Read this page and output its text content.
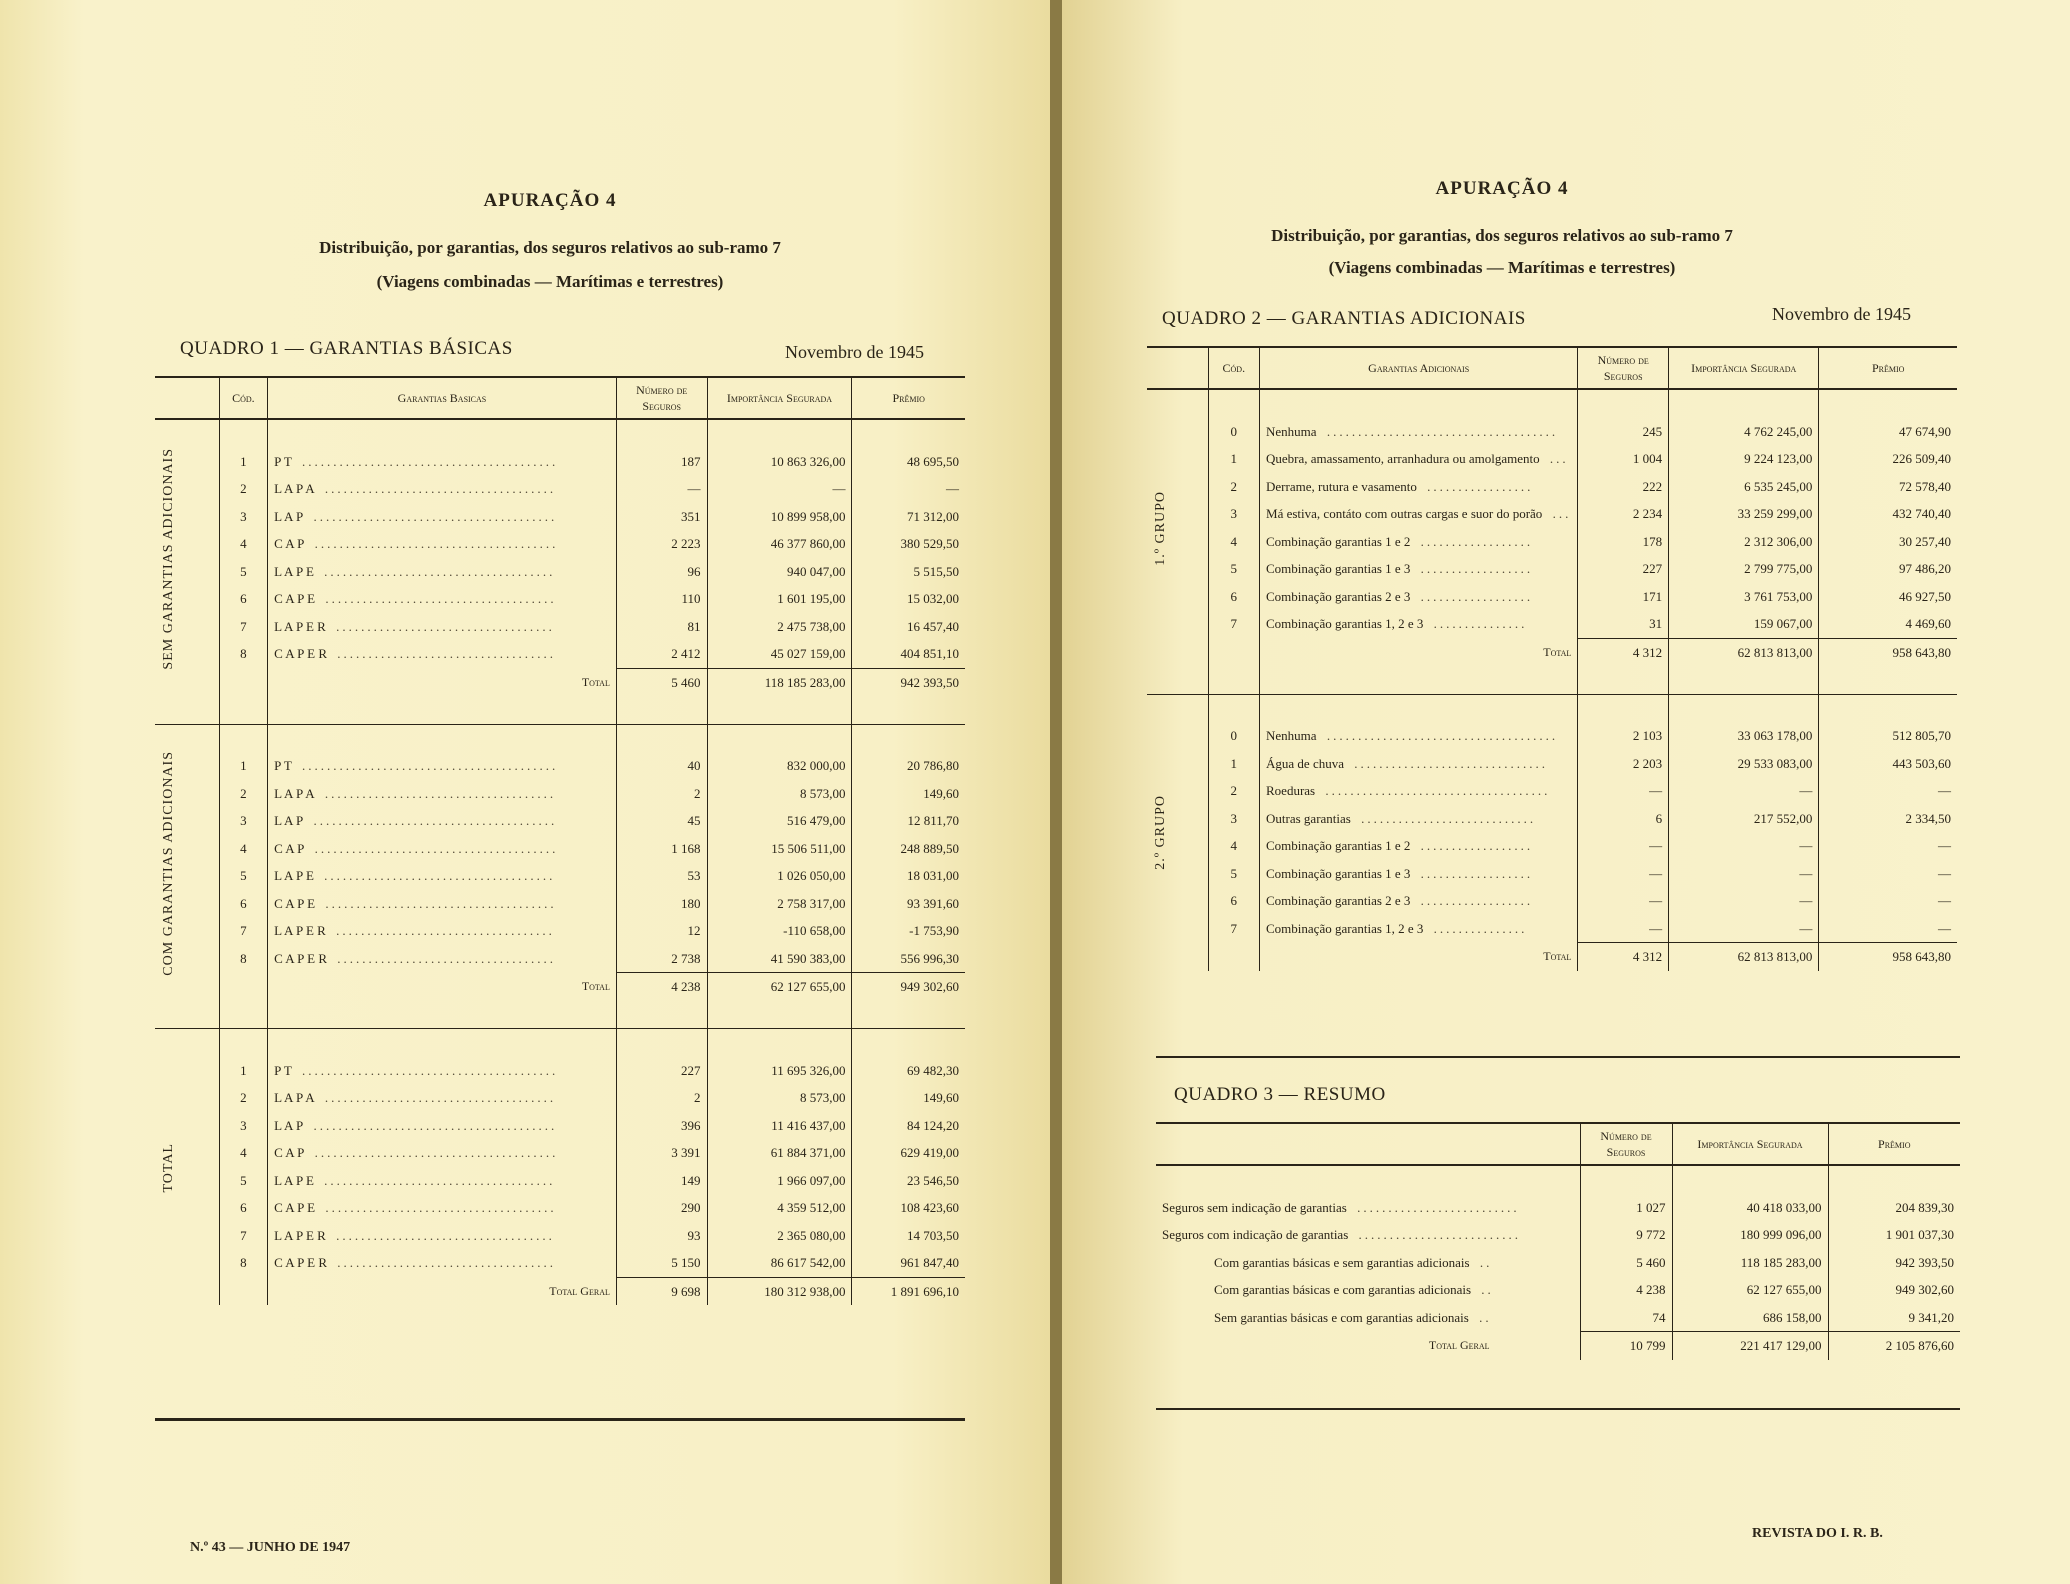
APURAÇÃO 4
Distribuição, por garantias, dos seguros relativos ao sub-ramo 7
(Viagens combinadas — Marítimas e terrestres)
QUADRO 1 — GARANTIAS BÁSICAS	Novembro de 1945
	Cód.	Garantias Basicas	Número de Seguros	Importância Segurada	Prêmio

SEM GARANTIAS ADICIONAIS					

	1	P T .........................................	187	10 863 326,00	48 695,50
	2	L A P A .....................................	—	—	—
	3	L A P .......................................	351	10 899 958,00	71 312,00
	4	C A P .......................................	2 223	46 377 860,00	380 529,50
	5	L A P E .....................................	96	940 047,00	5 515,50
	6	C A P E .....................................	110	1 601 195,00	15 032,00
	7	L A P E R ...................................	81	2 475 738,00	16 457,40
	8	C A P E R ...................................	2 412	45 027 159,00	404 851,10
		Total	5 460	118 185 283,00	942 393,50

COM GARANTIAS ADICIONAIS					

	1	P T .........................................	40	832 000,00	20 786,80
	2	L A P A .....................................	2	8 573,00	149,60
	3	L A P .......................................	45	516 479,00	12 811,70
	4	C A P .......................................	1 168	15 506 511,00	248 889,50
	5	L A P E .....................................	53	1 026 050,00	18 031,00
	6	C A P E .....................................	180	2 758 317,00	93 391,60
	7	L A P E R ...................................	12	-110 658,00	-1 753,90
	8	C A P E R ...................................	2 738	41 590 383,00	556 996,30
		Total	4 238	62 127 655,00	949 302,60

TOTAL					

	1	P T .........................................	227	11 695 326,00	69 482,30
	2	L A P A .....................................	2	8 573,00	149,60
	3	L A P .......................................	396	11 416 437,00	84 124,20
	4	C A P .......................................	3 391	61 884 371,00	629 419,00
	5	L A P E .....................................	149	1 966 097,00	23 546,50
	6	C A P E .....................................	290	4 359 512,00	108 423,60
	7	L A P E R ...................................	93	2 365 080,00	14 703,50
	8	C A P E R ...................................	5 150	86 617 542,00	961 847,40
		Total Geral	9 698	180 312 938,00	1 891 696,10
N.º 43 — JUNHO DE 1947
APURAÇÃO 4
Distribuição, por garantias, dos seguros relativos ao sub-ramo 7
(Viagens combinadas — Marítimas e terrestres)
QUADRO 2 — GARANTIAS ADICIONAIS	Novembro de 1945
	Cód.	Garantias Adicionais	Número de Seguros	Importância Segurada	Prêmio

1.º GRUPO					

	0	Nenhuma .....................................	245	4 762 245,00	47 674,90
	1	Quebra, amassamento, arranhadura ou amolgamento ...	1 004	9 224 123,00	226 509,40
	2	Derrame, rutura e vasamento .................	222	6 535 245,00	72 578,40
	3	Má estiva, contáto com outras cargas e suor do porão ...	2 234	33 259 299,00	432 740,40
	4	Combinação garantias 1 e 2 ..................	178	2 312 306,00	30 257,40
	5	Combinação garantias 1 e 3 ..................	227	2 799 775,00	97 486,20
	6	Combinação garantias 2 e 3 ..................	171	3 761 753,00	46 927,50
	7	Combinação garantias 1, 2 e 3 ...............	31	159 067,00	4 469,60
		Total	4 312	62 813 813,00	958 643,80

2.º GRUPO					

	0	Nenhuma .....................................	2 103	33 063 178,00	512 805,70
	1	Água de chuva ...............................	2 203	29 533 083,00	443 503,60
	2	Roeduras ....................................	—	—	—
	3	Outras garantias ............................	6	217 552,00	2 334,50
	4	Combinação garantias 1 e 2 ..................	—	—	—
	5	Combinação garantias 1 e 3 ..................	—	—	—
	6	Combinação garantias 2 e 3 ..................	—	—	—
	7	Combinação garantias 1, 2 e 3 ...............	—	—	—
		Total	4 312	62 813 813,00	958 643,80
QUADRO 3 — RESUMO
	Número de Seguros	Importância Segurada	Prêmio

Seguros sem indicação de garantias ..........................	1 027	40 418 033,00	204 839,30
Seguros com indicação de garantias ..........................	9 772	180 999 096,00	1 901 037,30
Com garantias básicas e sem garantias adicionais ..	5 460	118 185 283,00	942 393,50
Com garantias básicas e com garantias adicionais ..	4 238	62 127 655,00	949 302,60
Sem garantias básicas e com garantias adicionais ..	74	686 158,00	9 341,20
Total Geral	10 799	221 417 129,00	2 105 876,60
REVISTA DO I. R. B.
